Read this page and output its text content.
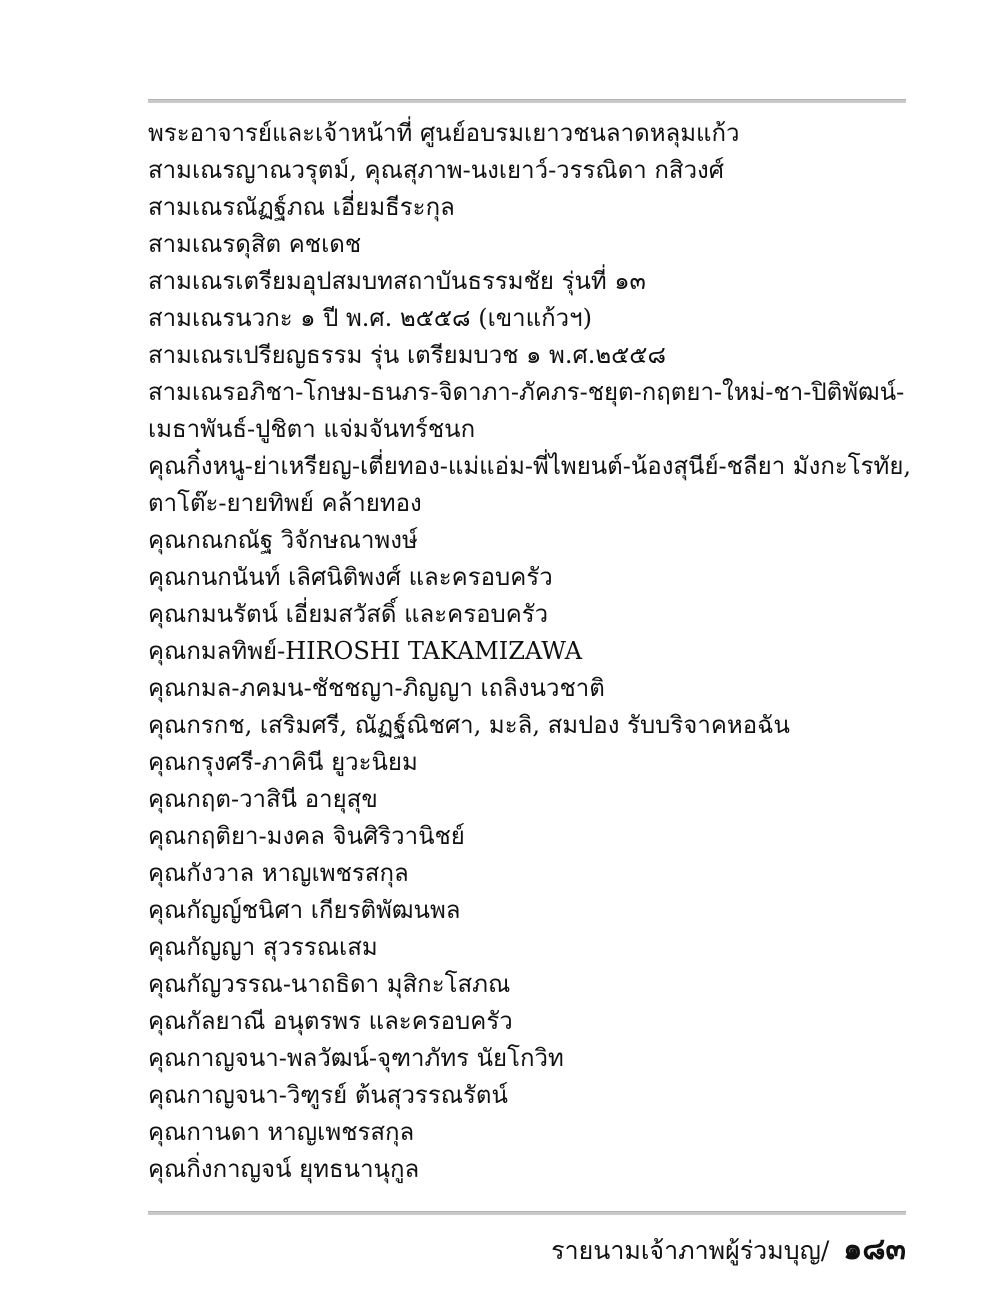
พระอาจารย์และเจ้าหน้าที่ ศูนย์อบรมเยาวชนลาดหลุมแก้ว
สามเณรญาณวรุตม์, คุณสุภาพ-นงเยาว์-วรรณิดา กสิวงศ์
สามเณรณัฏฐ์ภณ เอี่ยมธีระกุล
สามเณรดุสิต คชเดช
สามเณรเตรียมอุปสมบทสถาบันธรรมชัย รุ่นที่ ๑๓
สามเณรนวกะ ๑ ปี พ.ศ. ๒๕๕๘ (เขาแก้วฯ)
สามเณรเปรียญธรรม รุ่น เตรียมบวช ๑ พ.ศ.๒๕๕๘
สามเณรอภิชา-โกษม-ธนภร-จิดาภา-ภัคภร-ชยุต-กฤตยา-ใหม่-ชา-ปิติพัฒน์-
เมธาพันธ์-ปูชิตา แจ่มจันทร์ชนก
คุณกิ๋งหนู-ย่าเหรียญ-เตี่ยทอง-แม่แอ่ม-พี่ไพยนต์-น้องสุนีย์-ชลียา มังกะโรทัย,
ตาโต๊ะ-ยายทิพย์ คล้ายทอง
คุณกณกณัฐ วิจักษณาพงษ์
คุณกนกนันท์ เลิศนิติพงศ์ และครอบครัว
คุณกมนรัตน์ เอี่ยมสวัสดิ์ และครอบครัว
คุณกมลทิพย์-HIROSHI TAKAMIZAWA
คุณกมล-ภคมน-ชัชชญา-ภิญญา เถลิงนวชาติ
คุณกรกช, เสริมศรี, ณัฏฐ์ณิชศา, มะลิ, สมปอง รับบริจาคหอฉัน
คุณกรุงศรี-ภาคินี ยูวะนิยม
คุณกฤต-วาสินี อายุสุข
คุณกฤติยา-มงคล จินศิริวานิชย์
คุณกังวาล หาญเพชรสกุล
คุณกัญญ์ชนิศา เกียรติพัฒนพล
คุณกัญญา สุวรรณเสม
คุณกัญวรรณ-นาถธิดา มุสิกะโสภณ
คุณกัลยาณี อนุตรพร และครอบครัว
คุณกาญจนา-พลวัฒน์-จุฑาภัทร นัยโกวิท
คุณกาญจนา-วิฑูรย์ ต้นสุวรรณรัตน์
คุณกานดา หาญเพชรสกุล
คุณกิ่งกาญจน์ ยุทธนานุกูล
รายนามเจ้าภาพผู้ร่วมบุญ/ ๑๘๓
